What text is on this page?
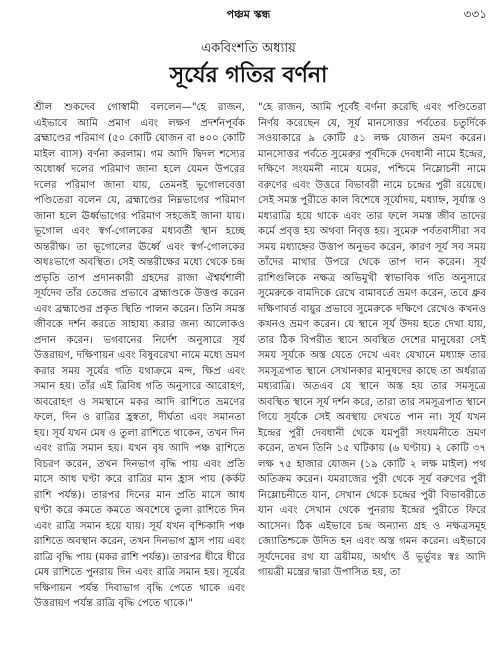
পঞ্চম স্কন্ধ	৩৩১
একবিংশতি অধ্যায়
সূর্যের গতির বর্ণনা

শ্রীল শুকদেব গোস্বামী বললেন—"হে রাজন, এইভাবে আমি প্রমাণ এবং লক্ষণ প্রদর্শনপূর্বক ব্রহ্মাণ্ডের পরিমাণ (৫০ কোটি যোজন বা ৪০০ কোটি মাইল ব্যাস) বর্ণনা করলাম। গম আদি দ্বিদল শস্যের অধোর্ধ্ব দলের পরিমাণ জানা হলে যেমন উপরের দলের পরিমাণ জানা যায়, তেমনই ভূগোলবেত্তা পণ্ডিতেরা বলেন যে, ব্রহ্মাণ্ডের নিম্নভাগের পরিমাণ জানা হলে ঊর্ধ্বভাগের পরিমাণ সহজেই জানা যায়। ভূগোল এবং স্বর্গ-গোলকের মধ্যবর্তী স্থান হচ্ছে অন্তরীক্ষ। তা ভূগোলের ঊর্ধ্বে এবং স্বর্গ-গোলকের অধঃভাগে অবস্থিত। সেই অন্তরীক্ষের মধ্যে থেকে চন্দ্র প্রভৃতি তাপ প্রদানকারী গ্রহদের রাজা ঐশ্বর্যশালী সূর্যদেব তাঁর তেজের প্রভাবে ব্রহ্মাণ্ডকে উত্তপ্ত করেন এবং ব্রহ্মাণ্ডের প্রকৃত স্থিতি পালন করেন। তিনি সমস্ত জীবকে দর্শন করতে সাহায্য করার জন্য আলোকও প্রদান করেন। ভগবানের নির্দেশ অনুসারে সূর্য উত্তরায়ণ, দক্ষিণায়ন এবং বিষুবরেখা নামে মধ্যে ভ্রমণ করার সময় সূর্যের গতি যথাক্রমে মন্দ, ক্ষিপ্র এবং সমান হয়। তাঁর এই ত্রিবিধ গতি অনুসারে আরোহণ, অবরোহণ ও সমস্থানে মকর আদি রাশিতে ভ্রমণের ফলে, দিন ও রাত্রির হ্রস্বতা, দীর্ঘতা এবং সমানতা হয়। সূর্য যখন মেষ ও তুলা রাশিতে থাকেন, তখন দিন এবং রাত্রি সমান হয়। যখন বৃষ আদি পঞ্চ রাশিতে বিচরণ করেন, তখন দিনভাগ বৃদ্ধি পায় এবং প্রতি মাসে আধ ঘণ্টা করে রাত্রির মান হ্রাস পায় (কর্কট রাশি পর্যন্ত)। তারপর দিনের মান প্রতি মাসে আধ ঘণ্টা করে কমতে কমতে অবশেষে তুলা রাশিতে দিন এবং রাত্রি সমান হয়ে যায়। সূর্য যখন বৃশ্চিকাদি পঞ্চ রাশিতে অবস্থান করেন, তখন দিনভাগ হ্রাস পায় এবং রাত্রি বৃদ্ধি পায় (মকর রাশি পর্যন্ত)। তারপর ধীরে ধীরে মেষ রাশিতে পুনরায় দিন এবং রাত্রি সমান হয়। সূর্যের দক্ষিণায়ন পর্যন্ত দিবাভাগ বৃদ্ধি পেতে থাকে এবং উত্তরায়ণ পর্যন্ত রাত্রি বৃদ্ধি পেতে থাকে।"

"হে রাজন, আমি পূর্বেই বর্ণনা করেছি এবং পণ্ডিতেরা নির্ণয় করেছেন যে, সূর্য মানসোত্তর পর্বতের চতুর্দিকে সওয়াকারে ৯ কোটি ৫১ লক্ষ যোজন ভ্রমণ করেন। মানসোত্তর পর্বতে সুমেরুর পূর্বদিকে দেবধানী নামে ইন্দ্রের, দক্ষিণে সংযমনী নামে যমের, পশ্চিমে নিম্লোচনী নামে বরুণের এবং উত্তরে বিভাবরী নামে চন্দ্রের পুরী রয়েছে। সেই সমস্ত পুরীতে কাল বিশেষে সূর্যোদয়, মধ্যাহ্ন, সূর্যাস্ত ও মধ্যরাত্রি হয়ে থাকে এবং তার ফলে সমস্ত জীব তাদের কর্মে প্রবৃত্ত হয় অথবা নিবৃত্ত হয়। সুমেরু পর্বতবাসীরা সব সময় মধ্যাহ্নের উত্তাপ অনুভব করেন, কারণ সূর্য সব সময় তাঁদের মাথার উপরে থেকে তাপ দান করেন। সূর্য রাশিগুলিকে নক্ষত্র অভিমুখী স্বাভাবিক গতি অনুসারে সুমেরুকে বামদিকে রেখে বামাবর্তে ভ্রমণ করেন, তবে ধ্রুব দক্ষিণাবর্ত বায়ুর প্রভাবে সুমেরুকে দক্ষিণে রেখেও কখনও কখনও ভ্রমণ করেন। যে স্থানে সূর্য উদয় হতে দেখা যায়, তার ঠিক বিপরীত স্থানে অবস্থিত দেশের মানুষেরা সেই সময় সূর্যকে অস্ত যেতে দেখে এবং যেখানে মধ্যাহ্ন তার সমসূত্রপাত স্থানে সেখানকার মানুষদের কাছে তা অর্ধরাত্র মধ্যরাত্রি। অতএব যে স্থানে অস্ত হয় তার সমসূত্রে অবস্থিত স্থানে সূর্য দর্শন করে, তারা তার সমসূত্রপাত স্থানে গিয়ে সূর্যকে সেই অবস্থায় দেখতে পান না। সূর্য যখন ইন্দ্রের পুরী দেবধানী থেকে যমপুরী সংযমনীতে ভ্রমণ করেন, তখন তিনি ১৫ ঘটিকায় (৬ ঘণ্টায়) ২ কোটি ৩৭ লক্ষ ৭৫ হাজার যোজন (১৯ কোটি ২ লক্ষ মাইল) পথ অতিক্রম করেন। যমরাজের পুরী থেকে সূর্য বরুণের পুরী নিম্লোচনীতে যান, সেখান থেকে চন্দ্রের পুরী বিভাবরীতে যান এবং সেখান থেকে পুনরায় ইন্দ্রের পুরীতে ফিরে আসেন। ঠিক এইভাবে চন্দ্র অন্যান্য গ্রহ ও নক্ষত্রসমূহ জ্যোতিশ্চক্রে উদিত হন এবং অস্ত গমন করেন। এইভাবে সূর্যদেবের রথ যা ত্রয়ীময়, অর্থাৎ ওঁ ভূর্ভুবঃ স্বঃ আদি গায়ত্রী মন্ত্রের দ্বারা উপাসিত হয়, তা
